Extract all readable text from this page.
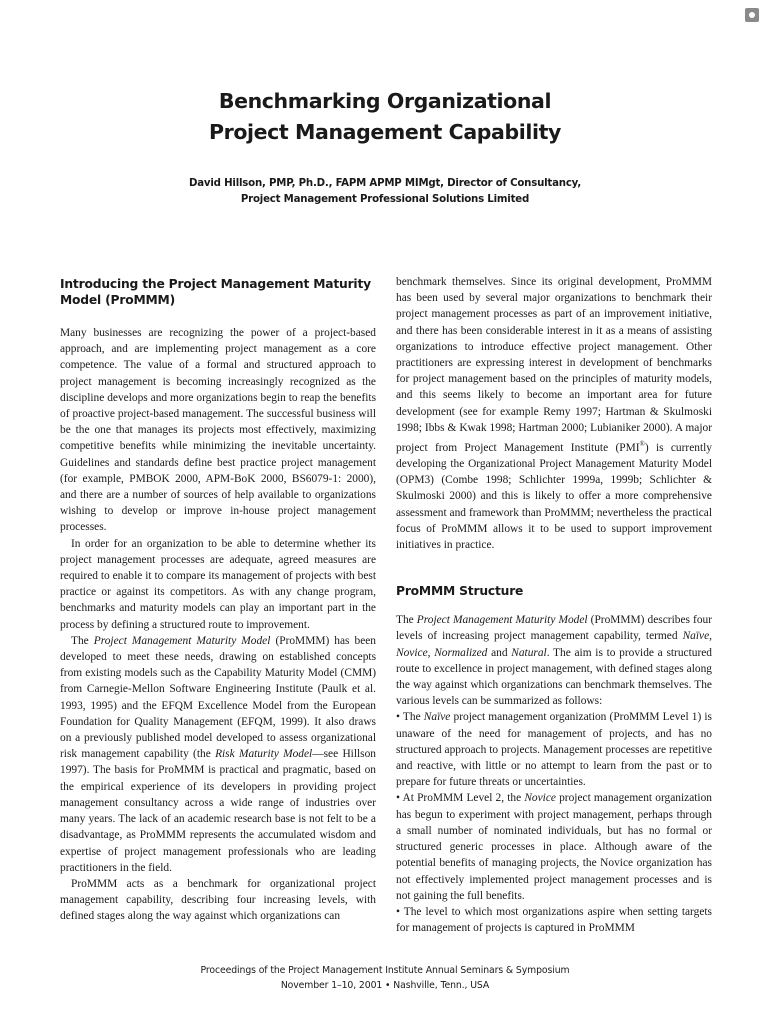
Benchmarking Organizational
Project Management Capability
David Hillson, PMP, Ph.D., FAPM APMP MIMgt, Director of Consultancy,
Project Management Professional Solutions Limited
Introducing the Project Management Maturity Model (ProMMM)

Many businesses are recognizing the power of a project-based approach, and are implementing project management as a core competence. The value of a formal and structured approach to project management is becoming increasingly recognized as the discipline develops and more organizations begin to reap the benefits of proactive project-based management. The successful business will be the one that manages its projects most effectively, maximizing competitive benefits while minimizing the inevitable uncertainty. Guidelines and standards define best practice project management (for example, PMBOK 2000, APM-BoK 2000, BS6079-1: 2000), and there are a number of sources of help available to organizations wishing to develop or improve in-house project management processes.

In order for an organization to be able to determine whether its project management processes are adequate, agreed measures are required to enable it to compare its management of projects with best practice or against its competitors. As with any change program, benchmarks and maturity models can play an important part in the process by defining a structured route to improvement.

The Project Management Maturity Model (ProMMM) has been developed to meet these needs, drawing on established concepts from existing models such as the Capability Maturity Model (CMM) from Carnegie-Mellon Software Engineering Institute (Paulk et al. 1993, 1995) and the EFQM Excellence Model from the European Foundation for Quality Management (EFQM, 1999). It also draws on a previously published model developed to assess organizational risk management capability (the Risk Maturity Model—see Hillson 1997). The basis for ProMMM is practical and pragmatic, based on the empirical experience of its developers in providing project management consultancy across a wide range of industries over many years. The lack of an academic research base is not felt to be a disadvantage, as ProMMM represents the accumulated wisdom and expertise of project management professionals who are leading practitioners in the field.

ProMMM acts as a benchmark for organizational project management capability, describing four increasing levels, with defined stages along the way against which organizations can

benchmark themselves. Since its original development, ProMMM has been used by several major organizations to benchmark their project management processes as part of an improvement initiative, and there has been considerable interest in it as a means of assisting organizations to introduce effective project management. Other practitioners are expressing interest in development of benchmarks for project management based on the principles of maturity models, and this seems likely to become an important area for future development (see for example Remy 1997; Hartman & Skulmoski 1998; Ibbs & Kwak 1998; Hartman 2000; Lubianiker 2000). A major project from Project Management Institute (PMI®) is currently developing the Organizational Project Management Maturity Model (OPM3) (Combe 1998; Schlichter 1999a, 1999b; Schlichter & Skulmoski 2000) and this is likely to offer a more comprehensive assessment and framework than ProMMM; nevertheless the practical focus of ProMMM allows it to be used to support improvement initiatives in practice.

ProMMM Structure

The Project Management Maturity Model (ProMMM) describes four levels of increasing project management capability, termed Naïve, Novice, Normalized and Natural. The aim is to provide a structured route to excellence in project management, with defined stages along the way against which organizations can benchmark themselves. The various levels can be summarized as follows:

• The Naïve project management organization (ProMMM Level 1) is unaware of the need for management of projects, and has no structured approach to projects. Management processes are repetitive and reactive, with little or no attempt to learn from the past or to prepare for future threats or uncertainties.

• At ProMMM Level 2, the Novice project management organization has begun to experiment with project management, perhaps through a small number of nominated individuals, but has no formal or structured generic processes in place. Although aware of the potential benefits of managing projects, the Novice organization has not effectively implemented project management processes and is not gaining the full benefits.

• The level to which most organizations aspire when setting targets for management of projects is captured in ProMMM

Proceedings of the Project Management Institute Annual Seminars & Symposium
November 1–10, 2001 • Nashville, Tenn., USA
